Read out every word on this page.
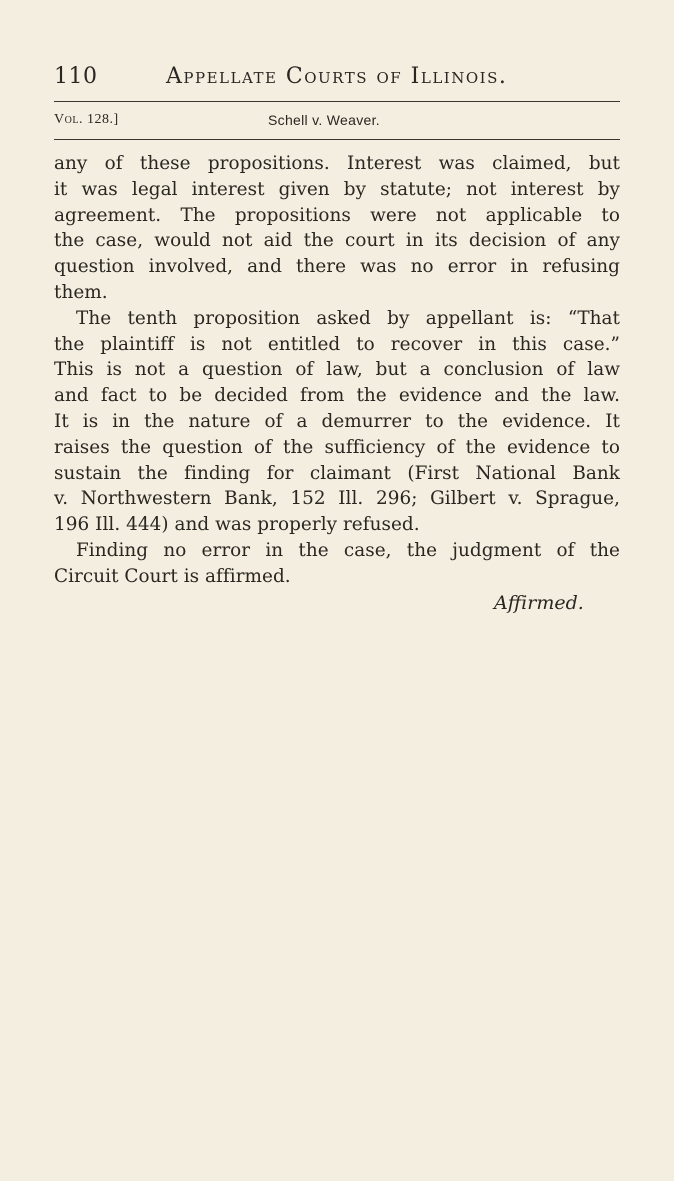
110	Appellate Courts of Illinois.
Vol. 128.]	Schell v. Weaver.

any of these propositions. Interest was claimed, but

it was legal interest given by statute; not interest by

agreement. The propositions were not applicable to

the case, would not aid the court in its decision of any

question involved, and there was no error in refusing

them.

The tenth proposition asked by appellant is: “That

the plaintiff is not entitled to recover in this case.”

This is not a question of law, but a conclusion of law

and fact to be decided from the evidence and the law.

It is in the nature of a demurrer to the evidence. It

raises the question of the sufficiency of the evidence to

sustain the finding for claimant (First National Bank

v. Northwestern Bank, 152 Ill. 296; Gilbert v. Sprague,

196 Ill. 444) and was properly refused.

Finding no error in the case, the judgment of the

Circuit Court is affirmed.

Affirmed.
